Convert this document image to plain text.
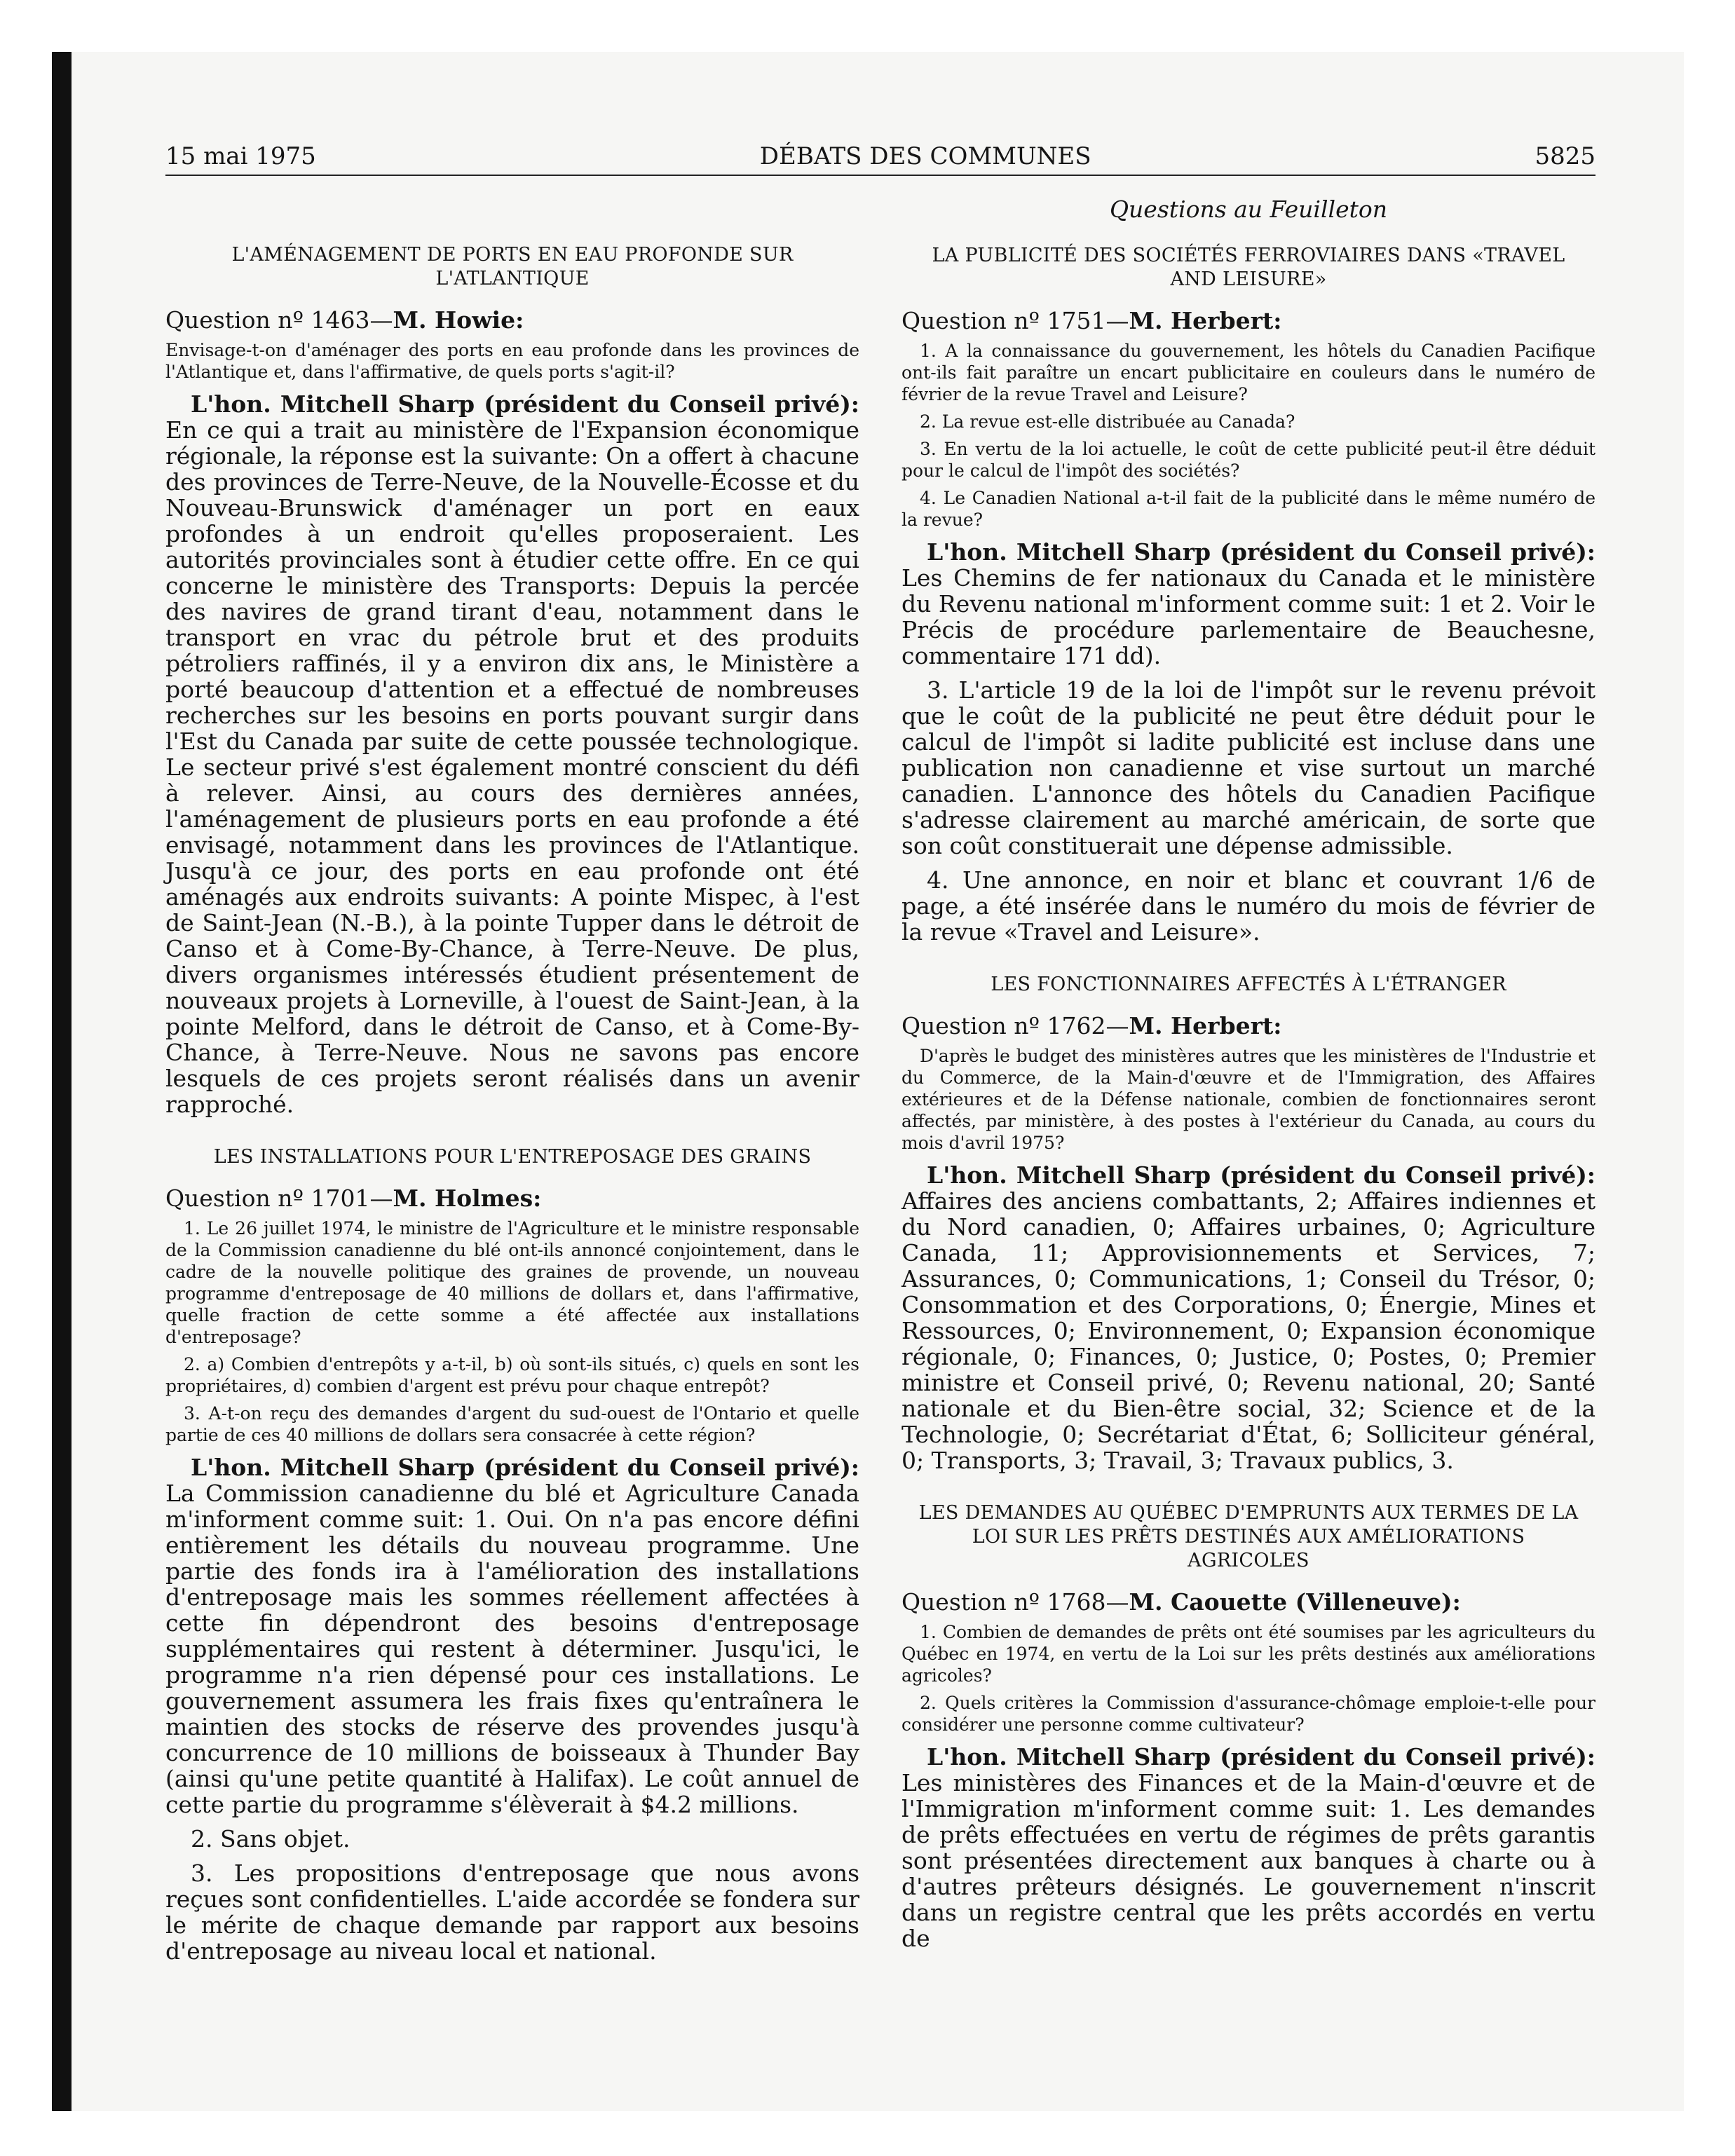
15 mai 1975	DÉBATS DES COMMUNES	5825
L'AMÉNAGEMENT DE PORTS EN EAU PROFONDE SUR L'ATLANTIQUE
Question nº 1463—M. Howie:

Envisage-t-on d'aménager des ports en eau profonde dans les provinces de l'Atlantique et, dans l'affirmative, de quels ports s'agit-il?

L'hon. Mitchell Sharp (président du Conseil privé): En ce qui a trait au ministère de l'Expansion économique régionale, la réponse est la suivante: On a offert à chacune des provinces de Terre-Neuve, de la Nouvelle-Écosse et du Nouveau-Brunswick d'aménager un port en eaux profondes à un endroit qu'elles proposeraient. Les autorités provinciales sont à étudier cette offre. En ce qui concerne le ministère des Transports: Depuis la percée des navires de grand tirant d'eau, notamment dans le transport en vrac du pétrole brut et des produits pétroliers raffinés, il y a environ dix ans, le Ministère a porté beaucoup d'attention et a effectué de nombreuses recherches sur les besoins en ports pouvant surgir dans l'Est du Canada par suite de cette poussée technologique. Le secteur privé s'est également montré conscient du défi à relever. Ainsi, au cours des dernières années, l'aménagement de plusieurs ports en eau profonde a été envisagé, notamment dans les provinces de l'Atlantique. Jusqu'à ce jour, des ports en eau profonde ont été aménagés aux endroits suivants: A pointe Mispec, à l'est de Saint-Jean (N.-B.), à la pointe Tupper dans le détroit de Canso et à Come-By-Chance, à Terre-Neuve. De plus, divers organismes intéressés étudient présentement de nouveaux projets à Lorneville, à l'ouest de Saint-Jean, à la pointe Melford, dans le détroit de Canso, et à Come-By-Chance, à Terre-Neuve. Nous ne savons pas encore lesquels de ces projets seront réalisés dans un avenir rapproché.

LES INSTALLATIONS POUR L'ENTREPOSAGE DES GRAINS
Question nº 1701—M. Holmes:

1. Le 26 juillet 1974, le ministre de l'Agriculture et le ministre responsable de la Commission canadienne du blé ont-ils annoncé conjointement, dans le cadre de la nouvelle politique des graines de provende, un nouveau programme d'entreposage de 40 millions de dollars et, dans l'affirmative, quelle fraction de cette somme a été affectée aux installations d'entreposage?

2. a) Combien d'entrepôts y a-t-il, b) où sont-ils situés, c) quels en sont les propriétaires, d) combien d'argent est prévu pour chaque entrepôt?

3. A-t-on reçu des demandes d'argent du sud-ouest de l'Ontario et quelle partie de ces 40 millions de dollars sera consacrée à cette région?

L'hon. Mitchell Sharp (président du Conseil privé): La Commission canadienne du blé et Agriculture Canada m'informent comme suit: 1. Oui. On n'a pas encore défini entièrement les détails du nouveau programme. Une partie des fonds ira à l'amélioration des installations d'entreposage mais les sommes réellement affectées à cette fin dépendront des besoins d'entreposage supplémentaires qui restent à déterminer. Jusqu'ici, le programme n'a rien dépensé pour ces installations. Le gouvernement assumera les frais fixes qu'entraînera le maintien des stocks de réserve des provendes jusqu'à concurrence de 10 millions de boisseaux à Thunder Bay (ainsi qu'une petite quantité à Halifax). Le coût annuel de cette partie du programme s'élèverait à $4.2 millions.

2. Sans objet.

3. Les propositions d'entreposage que nous avons reçues sont confidentielles. L'aide accordée se fondera sur le mérite de chaque demande par rapport aux besoins d'entreposage au niveau local et national.

Questions au Feuilleton
LA PUBLICITÉ DES SOCIÉTÉS FERROVIAIRES DANS «TRAVEL AND LEISURE»
Question nº 1751—M. Herbert:

1. A la connaissance du gouvernement, les hôtels du Canadien Pacifique ont-ils fait paraître un encart publicitaire en couleurs dans le numéro de février de la revue Travel and Leisure?

2. La revue est-elle distribuée au Canada?

3. En vertu de la loi actuelle, le coût de cette publicité peut-il être déduit pour le calcul de l'impôt des sociétés?

4. Le Canadien National a-t-il fait de la publicité dans le même numéro de la revue?

L'hon. Mitchell Sharp (président du Conseil privé): Les Chemins de fer nationaux du Canada et le ministère du Revenu national m'informent comme suit: 1 et 2. Voir le Précis de procédure parlementaire de Beauchesne, commentaire 171 dd).

3. L'article 19 de la loi de l'impôt sur le revenu prévoit que le coût de la publicité ne peut être déduit pour le calcul de l'impôt si ladite publicité est incluse dans une publication non canadienne et vise surtout un marché canadien. L'annonce des hôtels du Canadien Pacifique s'adresse clairement au marché américain, de sorte que son coût constituerait une dépense admissible.

4. Une annonce, en noir et blanc et couvrant 1/6 de page, a été insérée dans le numéro du mois de février de la revue «Travel and Leisure».

LES FONCTIONNAIRES AFFECTÉS À L'ÉTRANGER
Question nº 1762—M. Herbert:

D'après le budget des ministères autres que les ministères de l'Industrie et du Commerce, de la Main-d'œuvre et de l'Immigration, des Affaires extérieures et de la Défense nationale, combien de fonctionnaires seront affectés, par ministère, à des postes à l'extérieur du Canada, au cours du mois d'avril 1975?

L'hon. Mitchell Sharp (président du Conseil privé): Affaires des anciens combattants, 2; Affaires indiennes et du Nord canadien, 0; Affaires urbaines, 0; Agriculture Canada, 11; Approvisionnements et Services, 7; Assurances, 0; Communications, 1; Conseil du Trésor, 0; Consommation et des Corporations, 0; Énergie, Mines et Ressources, 0; Environnement, 0; Expansion économique régionale, 0; Finances, 0; Justice, 0; Postes, 0; Premier ministre et Conseil privé, 0; Revenu national, 20; Santé nationale et du Bien-être social, 32; Science et de la Technologie, 0; Secrétariat d'État, 6; Solliciteur général, 0; Transports, 3; Travail, 3; Travaux publics, 3.

LES DEMANDES AU QUÉBEC D'EMPRUNTS AUX TERMES DE LA LOI SUR LES PRÊTS DESTINÉS AUX AMÉLIORATIONS AGRICOLES
Question nº 1768—M. Caouette (Villeneuve):

1. Combien de demandes de prêts ont été soumises par les agriculteurs du Québec en 1974, en vertu de la Loi sur les prêts destinés aux améliorations agricoles?

2. Quels critères la Commission d'assurance-chômage emploie-t-elle pour considérer une personne comme cultivateur?

L'hon. Mitchell Sharp (président du Conseil privé): Les ministères des Finances et de la Main-d'œuvre et de l'Immigration m'informent comme suit: 1. Les demandes de prêts effectuées en vertu de régimes de prêts garantis sont présentées directement aux banques à charte ou à d'autres prêteurs désignés. Le gouvernement n'inscrit dans un registre central que les prêts accordés en vertu de
